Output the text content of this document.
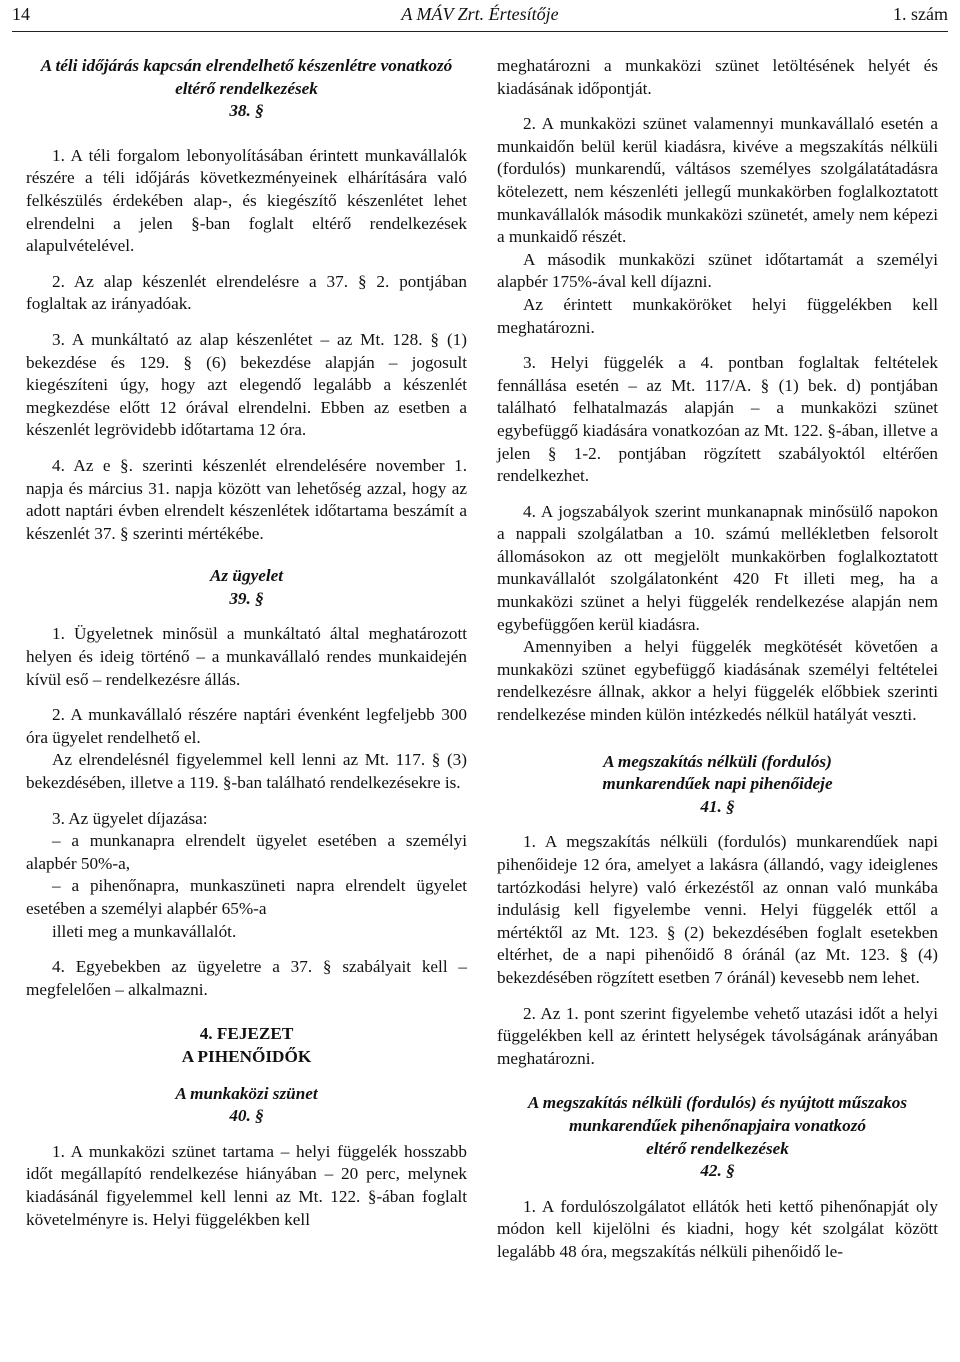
14	A MÁV Zrt. Értesítője	1. szám

A téli időjárás kapcsán elrendelhető készenlétre vonatkozó eltérő rendelkezések

38. §

1. A téli forgalom lebonyolításában érintett munkavállalók részére a téli időjárás következményeinek elhárítására való felkészülés érdekében alap-, és kiegészítő készenlétet lehet elrendelni a jelen §-ban foglalt eltérő rendelkezések alapulvételével.

2. Az alap készenlét elrendelésre a 37. § 2. pontjában foglaltak az irányadóak.

3. A munkáltató az alap készenlétet – az Mt. 128. § (1) bekezdése és 129. § (6) bekezdése alapján – jogosult kiegészíteni úgy, hogy azt elegendő legalább a készenlét megkezdése előtt 12 órával elrendelni. Ebben az esetben a készenlét legrövidebb időtartama 12 óra.

4. Az e §. szerinti készenlét elrendelésére november 1. napja és március 31. napja között van lehetőség azzal, hogy az adott naptári évben elrendelt készenlétek időtartama beszámít a készenlét 37. § szerinti mértékébe.

Az ügyelet

39. §

1. Ügyeletnek minősül a munkáltató által meghatározott helyen és ideig történő – a munkavállaló rendes munkaidején kívül eső – rendelkezésre állás.

2. A munkavállaló részére naptári évenként legfeljebb 300 óra ügyelet rendelhető el.

Az elrendelésnél figyelemmel kell lenni az Mt. 117. § (3) bekezdésében, illetve a 119. §-ban található rendelkezésekre is.

3. Az ügyelet díjazása:

– a munkanapra elrendelt ügyelet esetében a személyi alapbér 50%-a,

– a pihenőnapra, munkaszüneti napra elrendelt ügyelet esetében a személyi alapbér 65%-a

illeti meg a munkavállalót.

4. Egyebekben az ügyeletre a 37. § szabályait kell – megfelelően – alkalmazni.

4. FEJEZET

A PIHENŐIDŐK

A munkaközi szünet

40. §

1. A munkaközi szünet tartama – helyi függelék hosszabb időt megállapító rendelkezése hiányában – 20 perc, melynek kiadásánál figyelemmel kell lenni az Mt. 122. §-ában foglalt követelményre is. Helyi függelékben kell

meghatározni a munkaközi szünet letöltésének helyét és kiadásának időpontját.

2. A munkaközi szünet valamennyi munkavállaló esetén a munkaidőn belül kerül kiadásra, kivéve a megszakítás nélküli (fordulós) munkarendű, váltásos személyes szolgálatátadásra kötelezett, nem készenléti jellegű munkakörben foglalkoztatott munkavállalók második munkaközi szünetét, amely nem képezi a munkaidő részét.

A második munkaközi szünet időtartamát a személyi alapbér 175%-ával kell díjazni.

Az érintett munkaköröket helyi függelékben kell meghatározni.

3. Helyi függelék a 4. pontban foglaltak feltételek fennállása esetén – az Mt. 117/A. § (1) bek. d) pontjában található felhatalmazás alapján – a munkaközi szünet egybefüggő kiadására vonatkozóan az Mt. 122. §-ában, illetve a jelen § 1-2. pontjában rögzített szabályoktól eltérően rendelkezhet.

4. A jogszabályok szerint munkanapnak minősülő napokon a nappali szolgálatban a 10. számú mellékletben felsorolt állomásokon az ott megjelölt munkakörben foglalkoztatott munkavállalót szolgálatonként 420 Ft illeti meg, ha a munkaközi szünet a helyi függelék rendelkezése alapján nem egybefüggően kerül kiadásra.

Amennyiben a helyi függelék megkötését követően a munkaközi szünet egybefüggő kiadásának személyi feltételei rendelkezésre állnak, akkor a helyi függelék előbbiek szerinti rendelkezése minden külön intézkedés nélkül hatályát veszti.

A megszakítás nélküli (fordulós)

munkarendűek napi pihenőideje

41. §

1. A megszakítás nélküli (fordulós) munkarendűek napi pihenőideje 12 óra, amelyet a lakásra (állandó, vagy ideiglenes tartózkodási helyre) való érkezéstől az onnan való munkába indulásig kell figyelembe venni. Helyi függelék ettől a mértéktől az Mt. 123. § (2) bekezdésében foglalt esetekben eltérhet, de a napi pihenőidő 8 óránál (az Mt. 123. § (4) bekezdésében rögzített esetben 7 óránál) kevesebb nem lehet.

2. Az 1. pont szerint figyelembe vehető utazási időt a helyi függelékben kell az érintett helységek távolságának arányában meghatározni.

A megszakítás nélküli (fordulós) és nyújtott műszakos

munkarendűek pihenőnapjaira vonatkozó

eltérő rendelkezések

42. §

1. A fordulószolgálatot ellátók heti kettő pihenőnapját oly módon kell kijelölni és kiadni, hogy két szolgálat között legalább 48 óra, megszakítás nélküli pihenőidő le-
